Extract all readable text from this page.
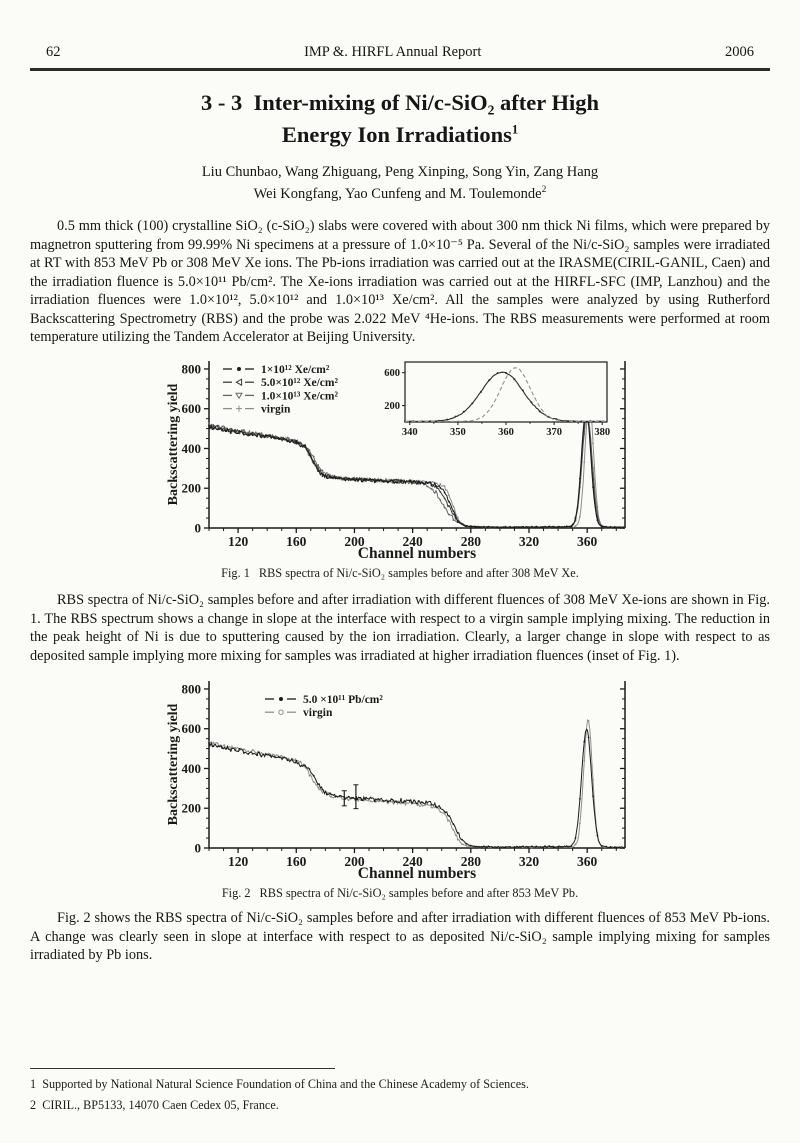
62	IMP &. HIRFL Annual Report	2006
3 - 3  Inter-mixing of Ni/c-SiO₂ after High
Energy Ion Irradiations$^1$
Liu Chunbao, Wang Zhiguang, Peng Xinping, Song Yin, Zang Hang
Wei Kongfang, Yao Cunfeng and M. Toulemonde$^2$

0.5 mm thick (100) crystalline SiO₂ (c-SiO₂) slabs were covered with about 300 nm thick Ni films, which were prepared by magnetron sputtering from 99.99% Ni specimens at a pressure of 1.0×10⁻⁵ Pa. Several of the Ni/c-SiO₂ samples were irradiated at RT with 853 MeV Pb or 308 MeV Xe ions. The Pb-ions irradiation was carried out at the IRASME(CIRIL-GANIL, Caen) and the irradiation fluence is 5.0×10¹¹ Pb/cm². The Xe-ions irradiation was carried out at the HIRFL-SFC (IMP, Lanzhou) and the irradiation fluences were 1.0×10¹², 5.0×10¹² and 1.0×10¹³ Xe/cm². All the samples were analyzed by using Rutherford Backscattering Spectrometry (RBS) and the probe was 2.022 MeV ⁴He-ions. The RBS measurements were performed at room temperature utilizing the Tandem Accelerator at Beijing University.

0
200
400
600
800
120	160	200	240	280	320	360
Channel numbers
Backscattering yield
1×10¹² Xe/cm²
5.0×10¹² Xe/cm²
1.0×10¹³ Xe/cm²
virgin
340	350	360	370	380
200
600
Fig. 1 RBS spectra of Ni/c-SiO₂ samples before and after 308 MeV Xe.

RBS spectra of Ni/c-SiO₂ samples before and after irradiation with different fluences of 308 MeV Xe-ions are shown in Fig. 1. The RBS spectrum shows a change in slope at the interface with respect to a virgin sample implying mixing. The reduction in the peak height of Ni is due to sputtering caused by the ion irradiation. Clearly, a larger change in slope with respect to as deposited sample implying more mixing for samples was irradiated at higher irradiation fluences (inset of Fig. 1).

0
200
400
600
800
120	160	200	240	280	320	360
Channel numbers
Backscattering yield
5.0 ×10¹¹ Pb/cm²
virgin
Fig. 2 RBS spectra of Ni/c-SiO₂ samples before and after 853 MeV Pb.

Fig. 2 shows the RBS spectra of Ni/c-SiO₂ samples before and after irradiation with different fluences of 853 MeV Pb-ions. A change was clearly seen in slope at interface with respect to as deposited Ni/c-SiO₂ sample implying mixing for samples irradiated by Pb ions.

1  Supported by National Natural Science Foundation of China and the Chinese Academy of Sciences.
2  CIRIL., BP5133, 14070 Caen Cedex 05, France.
